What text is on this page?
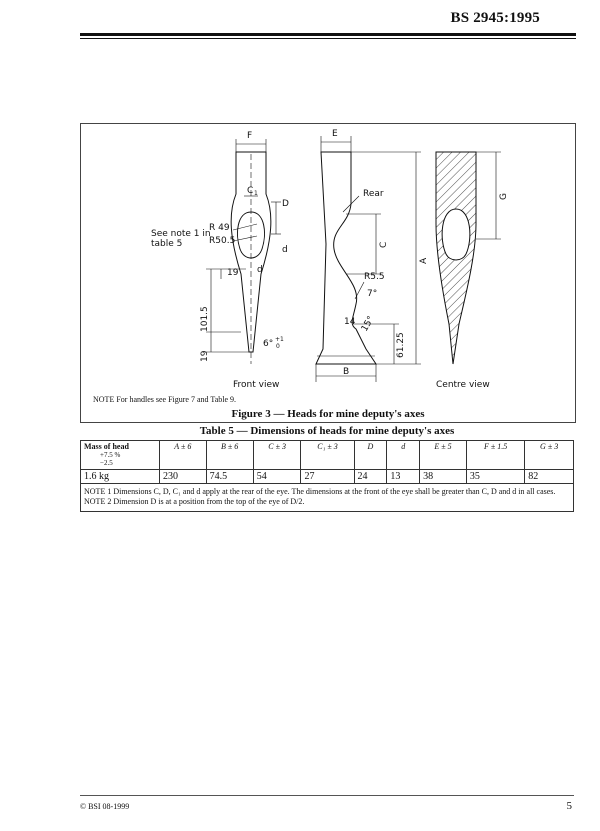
BS 2945:1995
F	E
C 1
D
d
Rear
See note 1 in
table 5
R 49
R50.5
d
19
101.5
19
6° +1
0
C
A
G
R5.5
7°
14 15°
61.25
B
Front view	Centre view
NOTE For handles see Figure 7 and Table 9.
Figure 3 — Heads for mine deputy's axes
Table 5 — Dimensions of heads for mine deputy's axes
Mass of head
+7.5 %
−2.5	A ± 6	B ± 6	C ± 3	C₁ ± 3	D	d	E ± 5	F ± 1.5	G ± 3
1.6 kg	230	74.5	54	27	24	13	38	35	82

NOTE 1 Dimensions C, D, C₁ and d apply at the rear of the eye. The dimensions at the front of the eye shall be greater than C, D and d in all cases.
NOTE 2 Dimension D is at a position from the top of the eye of D/2.									
© BSI 08-1999	5
